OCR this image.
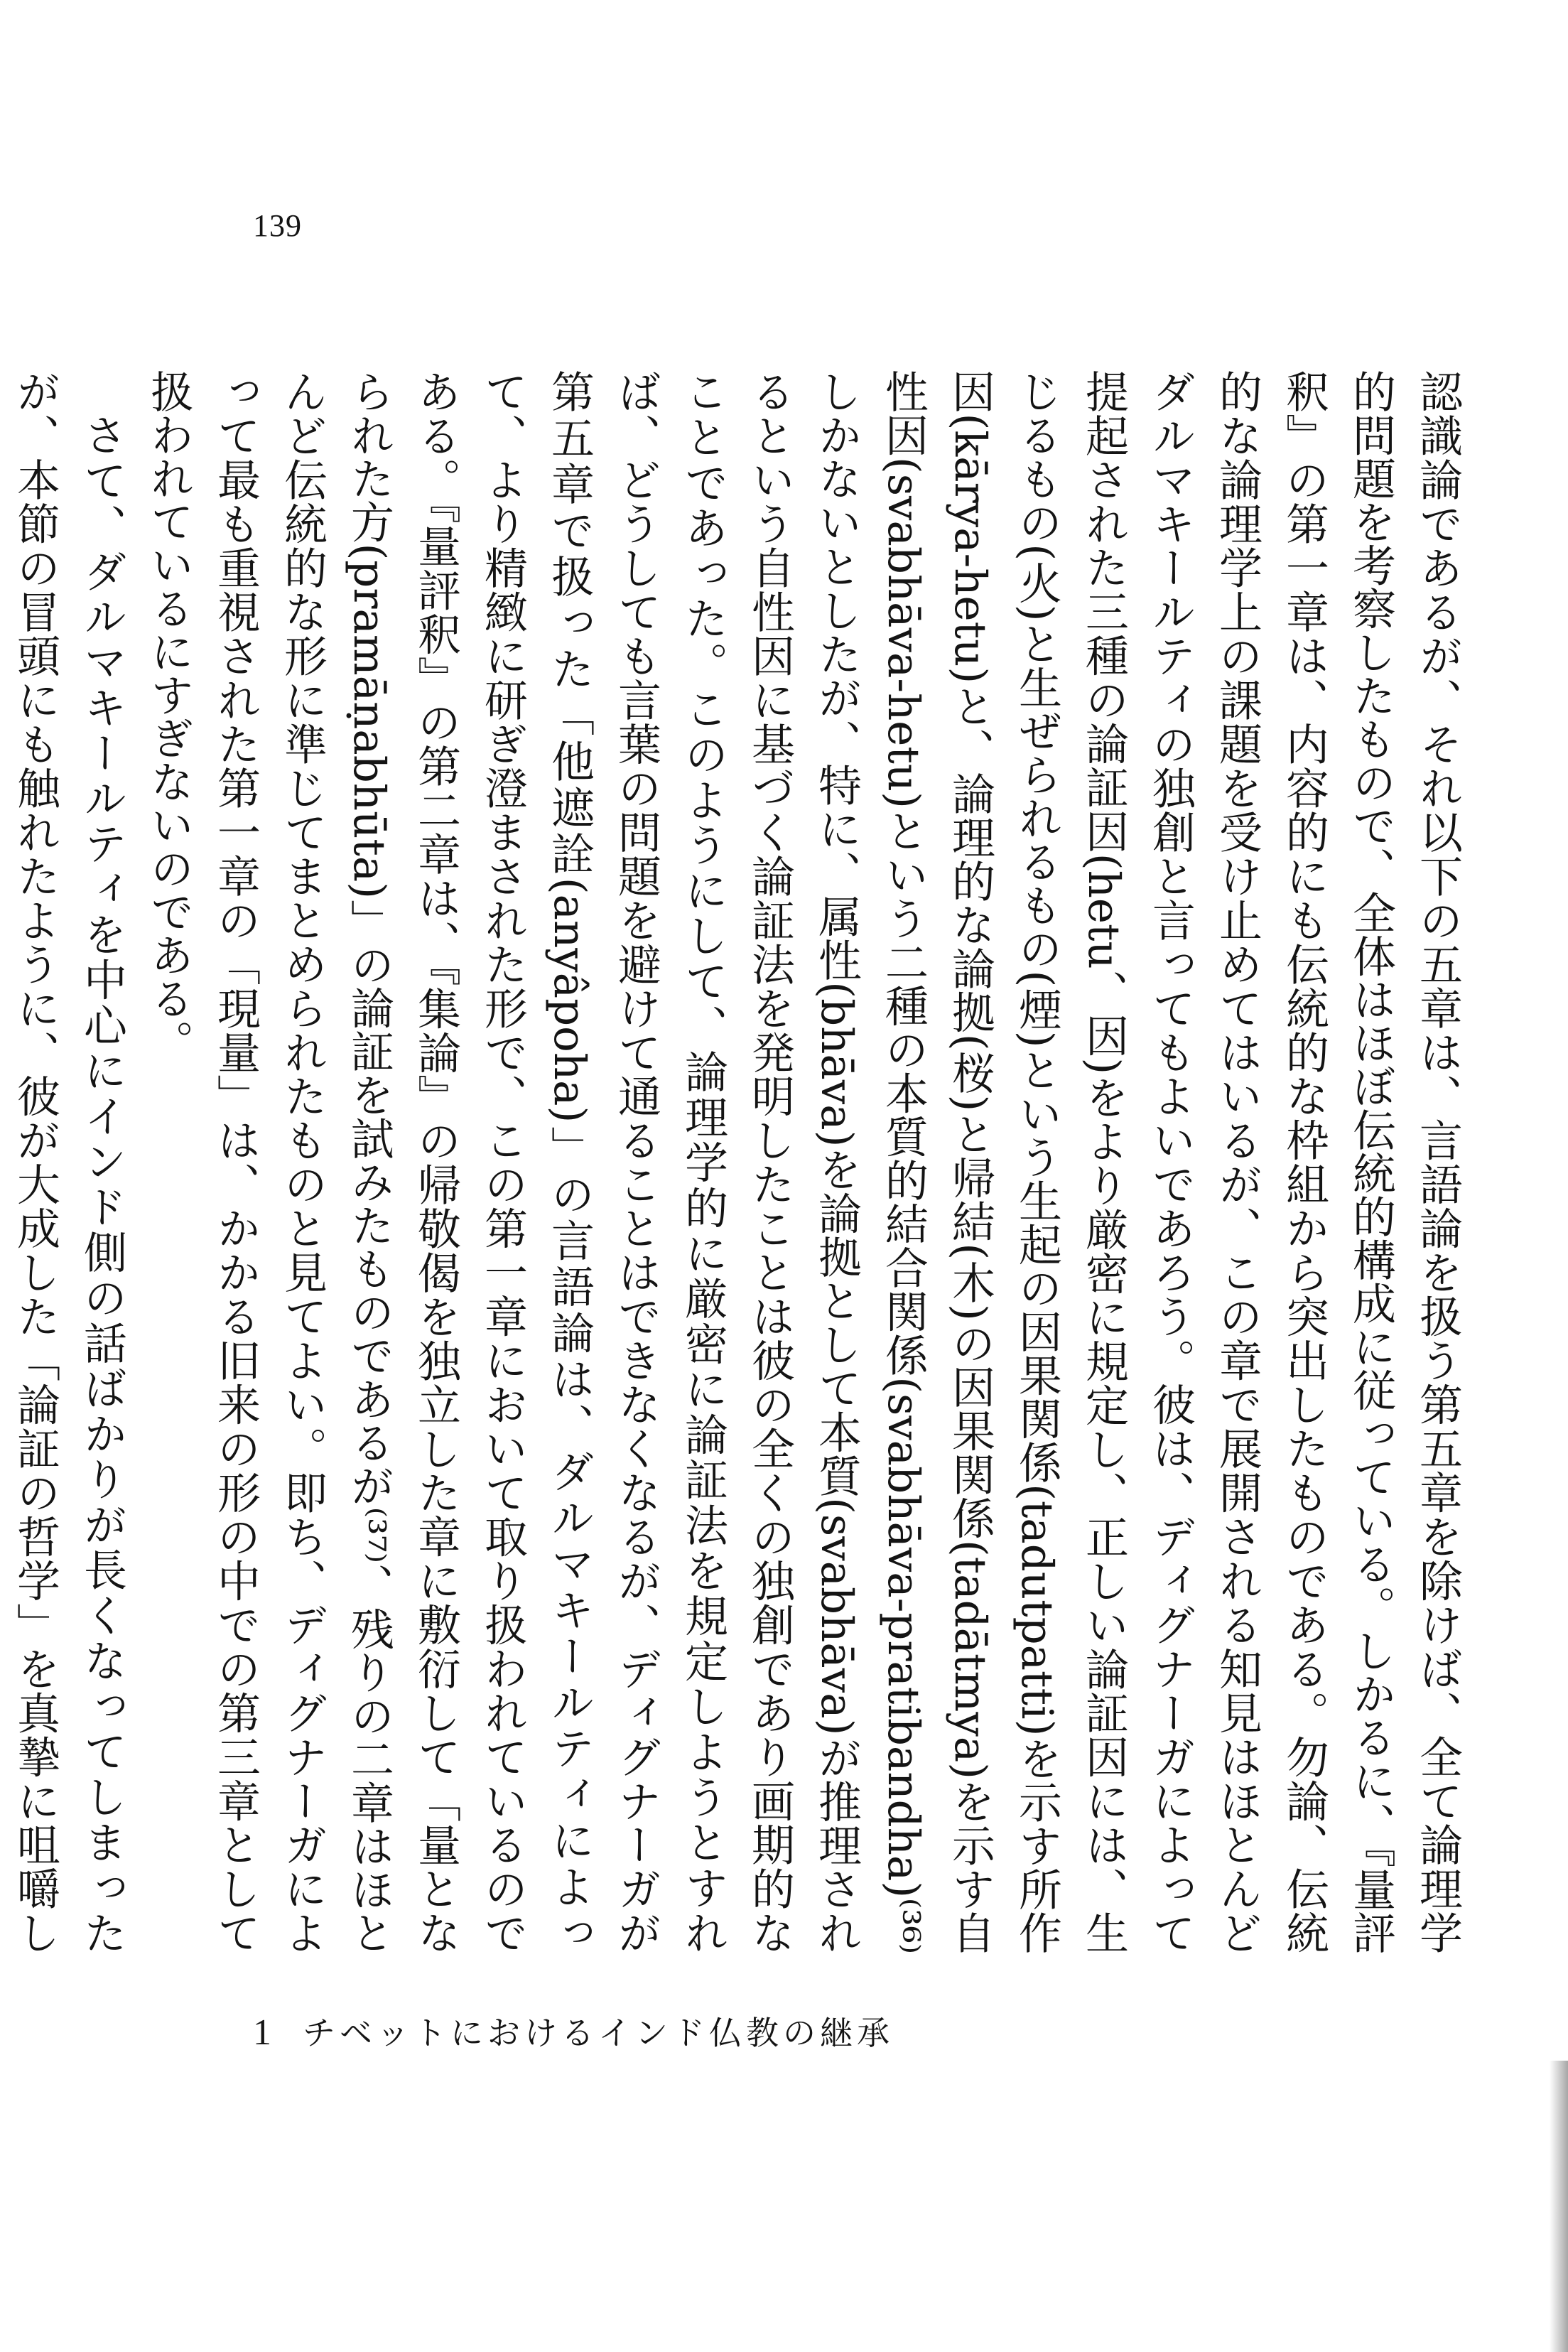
139

認識論であるが、それ以下の五章は、言語論を扱う第五章を除けば、全て論理学的問題を考察したもので、全体はほぼ伝統的構成に従っている。しかるに、『量評釈』の第一章は、内容的にも伝統的な枠組から突出したものである。勿論、伝統的な論理学上の課題を受け止めてはいるが、この章で展開される知見はほとんどダルマキールティの独創と言ってもよいであろう。彼は、ディグナーガによって提起された三種の論証因(hetu、因)をより厳密に規定し、正しい論証因には、生じるもの(火)と生ぜられるもの(煙)という生起の因果関係(tadutpatti)を示す所作因(kārya-hetu)と、論理的な論拠(桜)と帰結(木)の因果関係(tadātmya)を示す自性因(svabhāva-hetu)という二種の本質的結合関係(svabhāva-pratibandha)⁽³⁶⁾しかないとしたが、特に、属性(bhāva)を論拠として本質(svabhāva)が推理されるという自性因に基づく論証法を発明したことは彼の全くの独創であり画期的なことであった。このようにして、論理学的に厳密に論証法を規定しようとすれば、どうしても言葉の問題を避けて通ることはできなくなるが、ディグナーガが第五章で扱った「他遮詮(anyâpoha)」の言語論は、ダルマキールティによって、より精緻に研ぎ澄まされた形で、この第一章において取り扱われているのである。『量評釈』の第二章は、『集論』の帰敬偈を独立した章に敷衍して「量となられた方(pramāṇabhūta)」の論証を試みたものであるが⁽³⁷⁾、残りの二章はほとんど伝統的な形に準じてまとめられたものと見てよい。即ち、ディグナーガによって最も重視された第一章の「現量」は、かかる旧来の形の中での第三章として扱われているにすぎないのである。

さて、ダルマキールティを中心にインド側の話ばかりが長くなってしまったが、本節の冒頭にも触れたように、彼が大成した「論証の哲学」を真摯に咀嚼し

1 チベットにおけるインド仏教の継承
